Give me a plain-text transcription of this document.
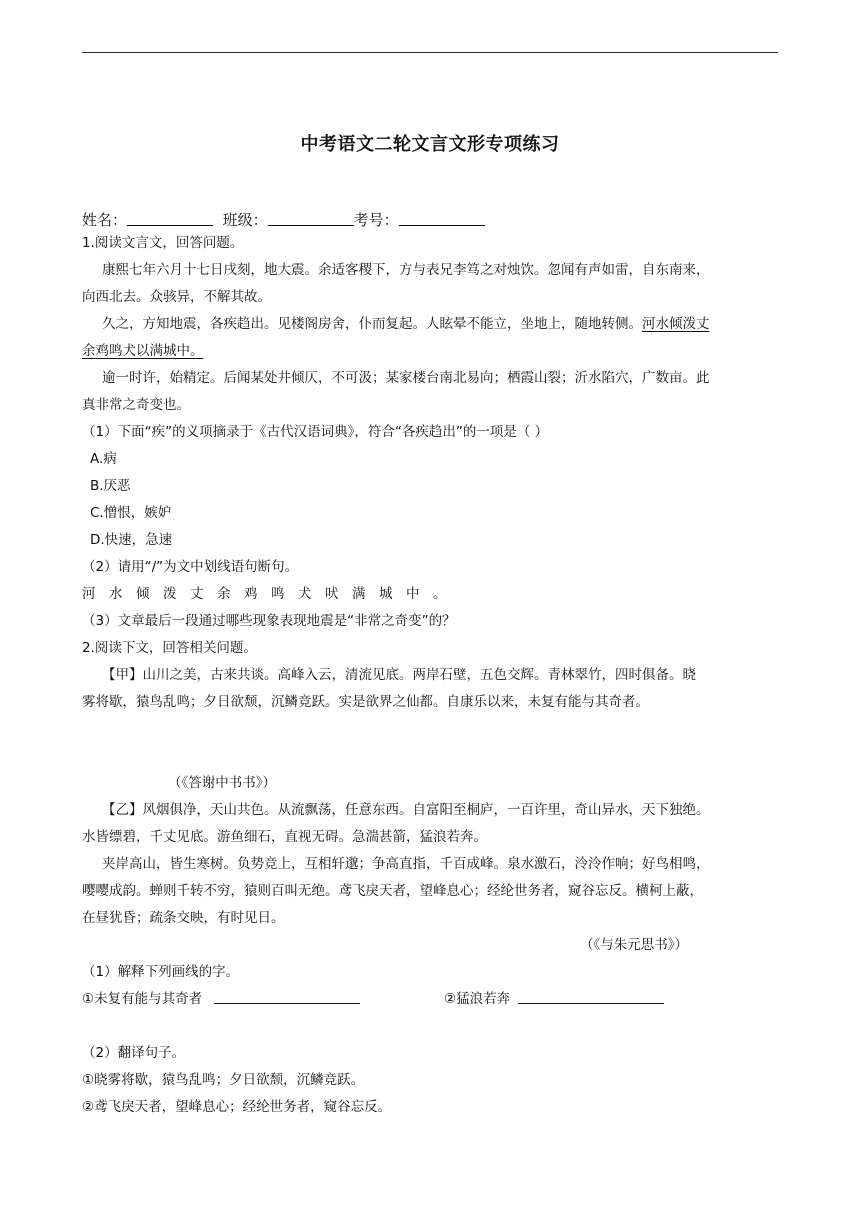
中考语文二轮文言文形专项练习
姓名：	班级：	考号：
1.阅读文言文，回答问题。
康熙七年六月十七日戌刻，地大震。余适客稷下，方与表兄李笃之对烛饮。忽闻有声如雷，自东南来，
向西北去。众骇异，不解其故。
久之，方知地震，各疾趋出。见楼阁房舍，仆而复起。人眩晕不能立，坐地上，随地转侧。河水倾泼丈
余鸡鸣犬以满城中。
逾一时许，始精定。后闻某处井倾仄，不可汲；某家楼台南北易向；栖霞山裂；沂水陷穴，广数亩。此
真非常之奇变也。
（1）下面“疾”的义项摘录于《古代汉语词典》，符合“各疾趋出”的一项是（ ）
A.病
B.厌恶
C.憎恨，嫉妒
D.快速，急速
（2）请用“/”为文中划线语句断句。
河水倾泼丈余鸡鸣犬吠满城中。
（3）文章最后一段通过哪些现象表现地震是“非常之奇变”的？
2.阅读下文，回答相关问题。
【甲】山川之美，古来共谈。高峰入云，清流见底。两岸石壁，五色交辉。青林翠竹，四时俱备。晓
雾将歇，猿鸟乱鸣；夕日欲颓，沉鳞竞跃。实是欲界之仙都。自康乐以来，未复有能与其奇者。
（《答谢中书书》）
【乙】风烟俱净，天山共色。从流飘荡，任意东西。自富阳至桐庐，一百许里，奇山异水，天下独绝。
水皆缥碧，千丈见底。游鱼细石，直视无碍。急湍甚箭，猛浪若奔。
夹岸高山，皆生寒树。负势竞上，互相轩邈；争高直指，千百成峰。泉水激石，泠泠作响；好鸟相鸣，
嘤嘤成韵。蝉则千转不穷，猿则百叫无绝。鸢飞戾天者，望峰息心；经纶世务者，窥谷忘反。横柯上蔽，
在昼犹昏；疏条交映，有时见日。
（《与朱元思书》）
（1）解释下列画线的字。
①未复有能与其奇者	②猛浪若奔
（2）翻译句子。
①晓雾将歇，猿鸟乱鸣；夕日欲颓，沉鳞竞跃。
②鸢飞戾天者，望峰息心；经纶世务者，窥谷忘反。
